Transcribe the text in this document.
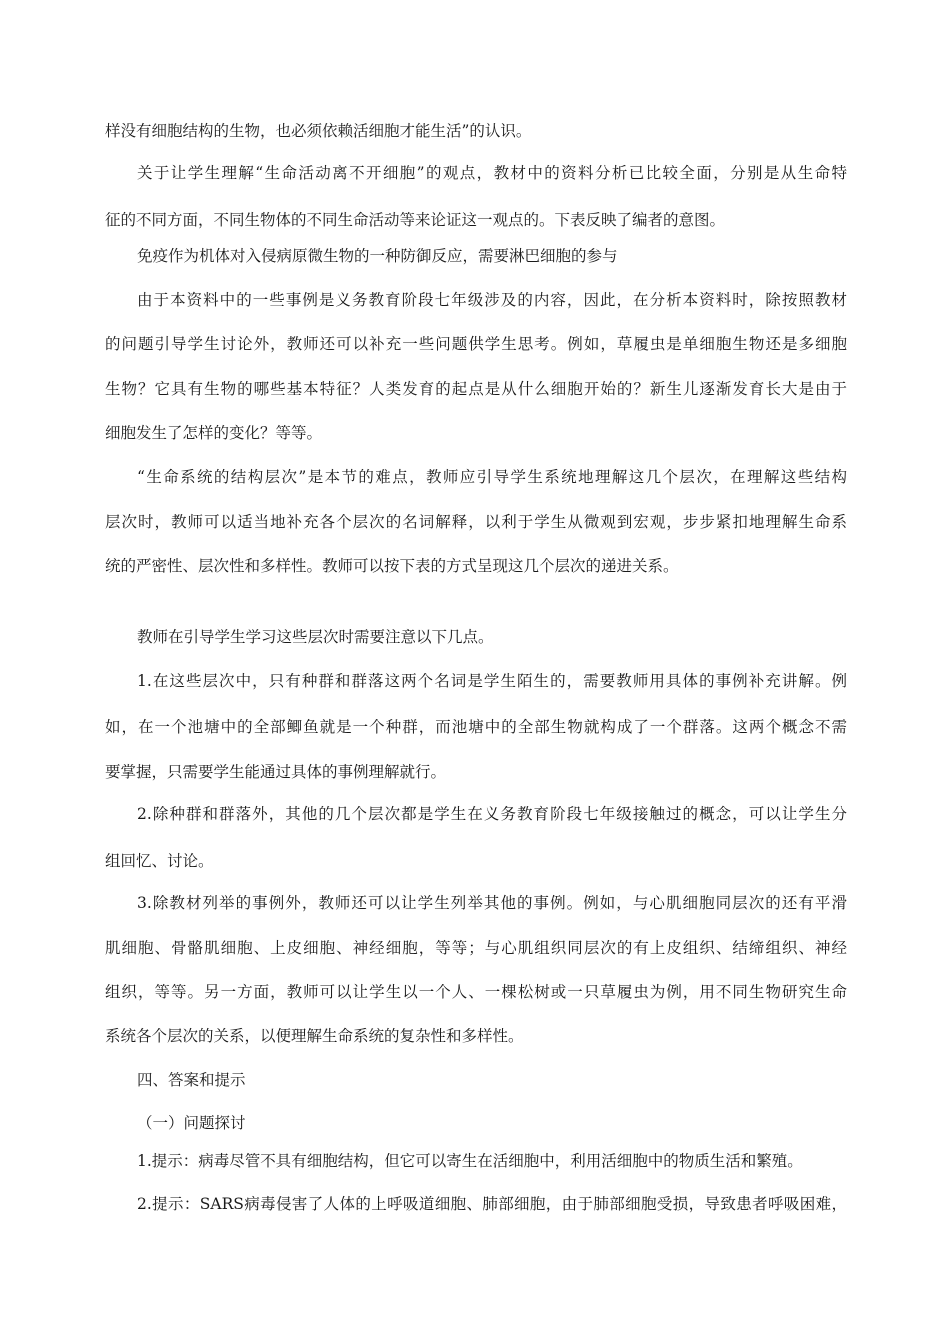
样没有细胞结构的生物，也必须依赖活细胞才能生活”的认识。
关于让学生理解“生命活动离不开细胞”的观点，教材中的资料分析已比较全面，分别是从生命特
征的不同方面，不同生物体的不同生命活动等来论证这一观点的。下表反映了编者的意图。
免疫作为机体对入侵病原微生物的一种防御反应，需要淋巴细胞的参与
由于本资料中的一些事例是义务教育阶段七年级涉及的内容，因此，在分析本资料时，除按照教材
的问题引导学生讨论外，教师还可以补充一些问题供学生思考。例如，草履虫是单细胞生物还是多细胞
生物？它具有生物的哪些基本特征？人类发育的起点是从什么细胞开始的？新生儿逐渐发育长大是由于
细胞发生了怎样的变化？等等。
“生命系统的结构层次”是本节的难点，教师应引导学生系统地理解这几个层次，在理解这些结构
层次时，教师可以适当地补充各个层次的名词解释，以利于学生从微观到宏观，步步紧扣地理解生命系
统的严密性、层次性和多样性。教师可以按下表的方式呈现这几个层次的递进关系。
教师在引导学生学习这些层次时需要注意以下几点。
1.在这些层次中，只有种群和群落这两个名词是学生陌生的，需要教师用具体的事例补充讲解。例
如，在一个池塘中的全部鲫鱼就是一个种群，而池塘中的全部生物就构成了一个群落。这两个概念不需
要掌握，只需要学生能通过具体的事例理解就行。
2.除种群和群落外，其他的几个层次都是学生在义务教育阶段七年级接触过的概念，可以让学生分
组回忆、讨论。
3.除教材列举的事例外，教师还可以让学生列举其他的事例。例如，与心肌细胞同层次的还有平滑
肌细胞、骨骼肌细胞、上皮细胞、神经细胞，等等；与心肌组织同层次的有上皮组织、结缔组织、神经
组织，等等。另一方面，教师可以让学生以一个人、一棵松树或一只草履虫为例，用不同生物研究生命
系统各个层次的关系，以便理解生命系统的复杂性和多样性。
四、答案和提示
（一）问题探讨
1.提示：病毒尽管不具有细胞结构，但它可以寄生在活细胞中，利用活细胞中的物质生活和繁殖。
2.提示：SARS病毒侵害了人体的上呼吸道细胞、肺部细胞，由于肺部细胞受损，导致患者呼吸困难，
